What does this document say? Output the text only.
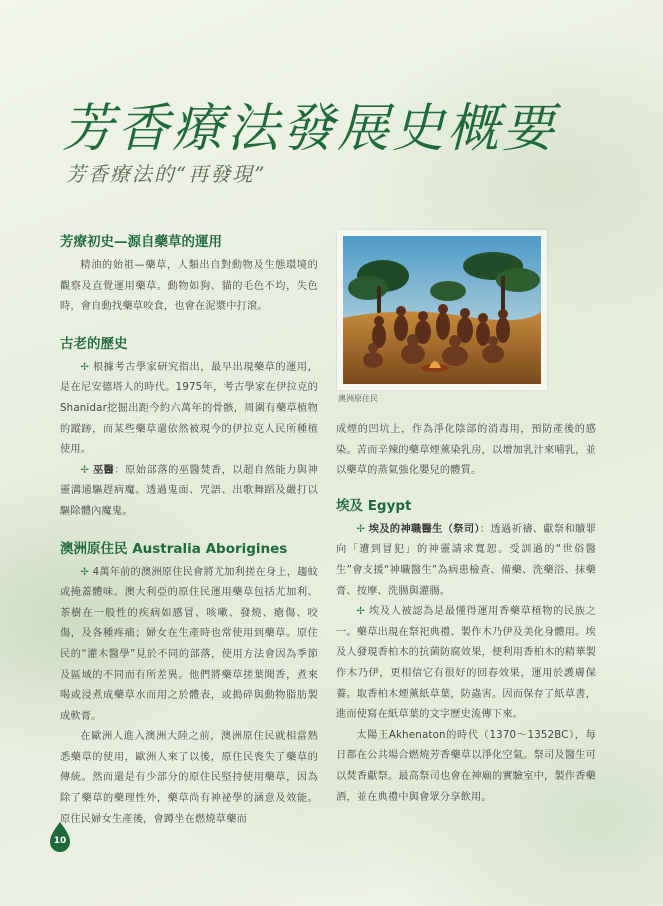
芳香療法發展史概要
芳香療法的“再發現”
芳療初史—源自藥草的運用
精油的始祖—藥草，人類出自對動物及生態環境的觀察及直覺運用藥草。動物如狗、貓的毛色不均，失色時，會自動找藥草咬食，也會在泥漿中打滾。
古老的歷史
✢ 根據考古學家研究指出，最早出現藥草的運用，是在尼安德塔人的時代。1975年，考古學家在伊拉克的Shanidar挖掘出距今約六萬年的骨骸，周圍有藥草植物的蹤跡，而某些藥草還依然被現今的伊拉克人民所種植使用。
✢ 巫醫：原始部落的巫醫焚香，以超自然能力與神靈溝通驅趕病魔。透過鬼面、咒語、出歌舞蹈及嚴打以驅除體內魔鬼。
澳洲原住民 Australia Aborigines
✢ 4萬年前的澳洲原住民會將尤加利搓在身上，趨蚊或掩蓋體味。澳大利亞的原住民運用藥草包括尤加利、茶樹在一般性的疾病如感冒、咳嗽、發燒、瘡傷、咬傷，及各種疼痛；婦女在生產時也常使用到藥草。原住民的“灌木醫學”見於不同的部落，使用方法會因為季節及區域的不同而有所差異。他們將藥草搓葉聞香，煮來喝或浸煮成藥草水而用之於體表，或搗碎與動物脂肪製成軟膏。
在歐洲人進入澳洲大陸之前，澳洲原住民就相當熟悉藥草的使用，歐洲人來了以後，原住民喪失了藥草的傳統。然而還是有少部分的原住民堅持使用藥草，因為除了藥草的藥理性外，藥草尚有神祕學的涵意及效能。原住民婦女生產後，會蹲坐在燃燒草藥而
澳洲原住民
成煙的凹坑上，作為淨化陰部的消毒用，預防產後的感染。苦而辛辣的藥草煙薰染乳房，以增加乳汁來哺乳，並以藥草的蒸氣強化嬰兒的體質。
埃及 Egypt
✢ 埃及的神職醫生（祭司）：透過祈禱、獻祭和贖罪向「遭到冒犯」的神靈請求寬恕。受訓過的“世俗醫生”會支援“神職醫生”為病患檢查、備藥、洗藥浴、抹藥膏、按摩、洗腸與灌腸。
✢ 埃及人被認為是最懂得運用香藥草植物的民族之一。藥草出現在祭祀典禮、製作木乃伊及美化身體用。埃及人發現香柏木的抗菌防腐效果，便利用香柏木的精華製作木乃伊，更相信它有很好的回春效果，運用於護膚保養。取香柏木煙薰紙草葉，防蟲害。因而保存了紙草書，進而使寫在紙草葉的文字歷史流傳下來。
太陽王Akhenaton的時代（1370～1352BC），每日都在公共場合燃燒芳香藥草以淨化空氣。祭司及醫生可以焚香獻祭。最高祭司也會在神廟的實驗室中，製作香藥酒，並在典禮中與會眾分享飲用。
10
